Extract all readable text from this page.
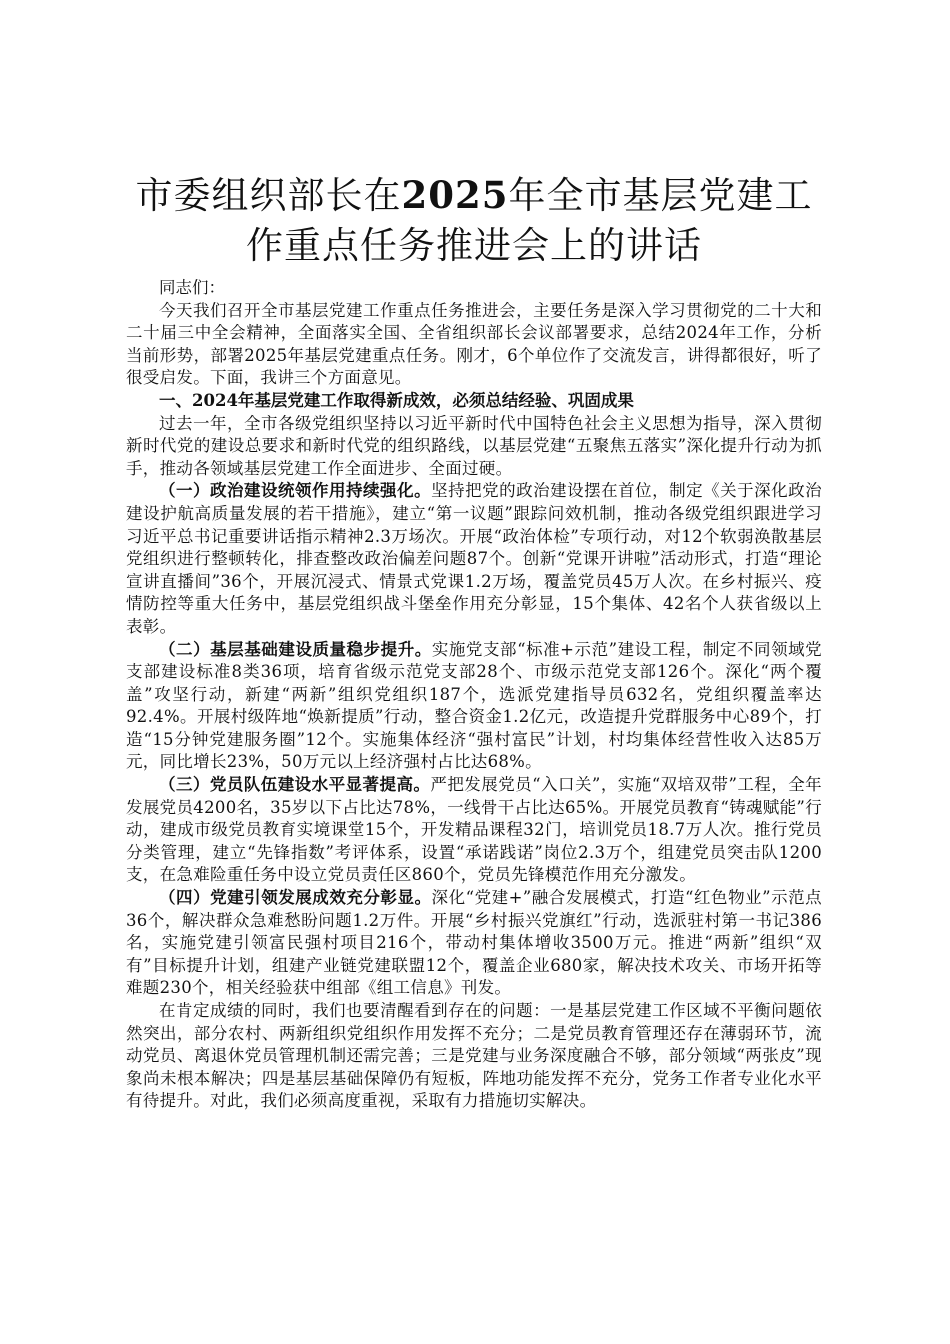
市委组织部长在2025年全市基层党建工作重点任务推进会上的讲话

同志们：

今天我们召开全市基层党建工作重点任务推进会，主要任务是深入学习贯彻党的二十大和二十届三中全会精神，全面落实全国、全省组织部长会议部署要求，总结2024年工作，分析当前形势，部署2025年基层党建重点任务。刚才，6个单位作了交流发言，讲得都很好，听了很受启发。下面，我讲三个方面意见。

一、2024年基层党建工作取得新成效，必须总结经验、巩固成果

过去一年，全市各级党组织坚持以习近平新时代中国特色社会主义思想为指导，深入贯彻新时代党的建设总要求和新时代党的组织路线，以基层党建“五聚焦五落实”深化提升行动为抓手，推动各领域基层党建工作全面进步、全面过硬。

（一）政治建设统领作用持续强化。坚持把党的政治建设摆在首位，制定《关于深化政治建设护航高质量发展的若干措施》，建立“第一议题”跟踪问效机制，推动各级党组织跟进学习习近平总书记重要讲话指示精神2.3万场次。开展“政治体检”专项行动，对12个软弱涣散基层党组织进行整顿转化，排查整改政治偏差问题87个。创新“党课开讲啦”活动形式，打造“理论宣讲直播间”36个，开展沉浸式、情景式党课1.2万场，覆盖党员45万人次。在乡村振兴、疫情防控等重大任务中，基层党组织战斗堡垒作用充分彰显，15个集体、42名个人获省级以上表彰。

（二）基层基础建设质量稳步提升。实施党支部“标准+示范”建设工程，制定不同领域党支部建设标准8类36项，培育省级示范党支部28个、市级示范党支部126个。深化“两个覆盖”攻坚行动，新建“两新”组织党组织187个，选派党建指导员632名，党组织覆盖率达92.4%。开展村级阵地“焕新提质”行动，整合资金1.2亿元，改造提升党群服务中心89个，打造“15分钟党建服务圈”12个。实施集体经济“强村富民”计划，村均集体经营性收入达85万元，同比增长23%，50万元以上经济强村占比达68%。

（三）党员队伍建设水平显著提高。严把发展党员“入口关”，实施“双培双带”工程，全年发展党员4200名，35岁以下占比达78%，一线骨干占比达65%。开展党员教育“铸魂赋能”行动，建成市级党员教育实境课堂15个，开发精品课程32门，培训党员18.7万人次。推行党员分类管理，建立“先锋指数”考评体系，设置“承诺践诺”岗位2.3万个，组建党员突击队1200支，在急难险重任务中设立党员责任区860个，党员先锋模范作用充分激发。

（四）党建引领发展成效充分彰显。深化“党建+”融合发展模式，打造“红色物业”示范点36个，解决群众急难愁盼问题1.2万件。开展“乡村振兴党旗红”行动，选派驻村第一书记386名，实施党建引领富民强村项目216个，带动村集体增收3500万元。推进“两新”组织“双有”目标提升计划，组建产业链党建联盟12个，覆盖企业680家，解决技术攻关、市场开拓等难题230个，相关经验获中组部《组工信息》刊发。

在肯定成绩的同时，我们也要清醒看到存在的问题：一是基层党建工作区域不平衡问题依然突出，部分农村、两新组织党组织作用发挥不充分；二是党员教育管理还存在薄弱环节，流动党员、离退休党员管理机制还需完善；三是党建与业务深度融合不够，部分领域“两张皮”现象尚未根本解决；四是基层基础保障仍有短板，阵地功能发挥不充分，党务工作者专业化水平有待提升。对此，我们必须高度重视，采取有力措施切实解决。
